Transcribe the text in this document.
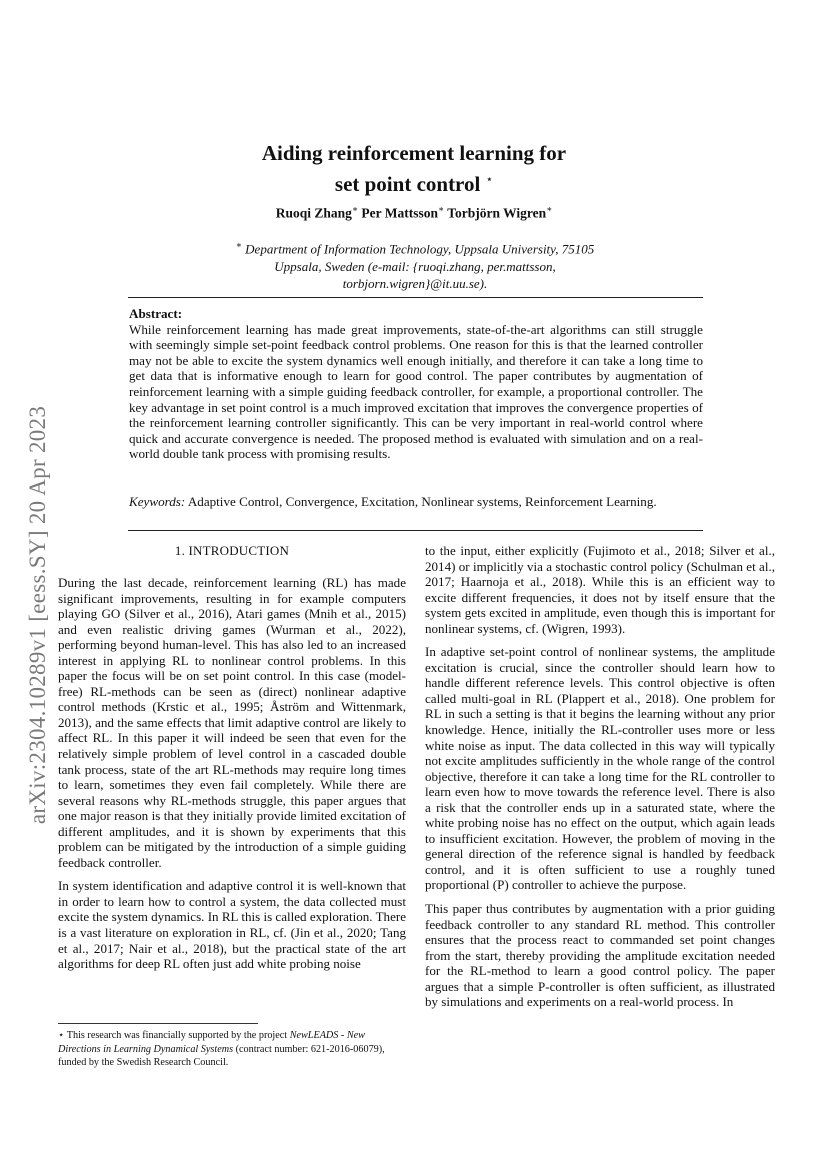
arXiv:2304.10289v1 [eess.SY] 20 Apr 2023
Aiding reinforcement learning for
set point control ⋆
Ruoqi Zhang∗ Per Mattsson∗ Torbjörn Wigren∗
∗ Department of Information Technology, Uppsala University, 75105
Uppsala, Sweden (e-mail: {ruoqi.zhang, per.mattsson,
torbjorn.wigren}@it.uu.se).
Abstract:
While reinforcement learning has made great improvements, state-of-the-art algorithms can still struggle with seemingly simple set-point feedback control problems. One reason for this is that the learned controller may not be able to excite the system dynamics well enough initially, and therefore it can take a long time to get data that is informative enough to learn for good control. The paper contributes by augmentation of reinforcement learning with a simple guiding feedback controller, for example, a proportional controller. The key advantage in set point control is a much improved excitation that improves the convergence properties of the reinforcement learning controller significantly. This can be very important in real-world control where quick and accurate convergence is needed. The proposed method is evaluated with simulation and on a real-world double tank process with promising results.
Keywords: Adaptive Control, Convergence, Excitation, Nonlinear systems, Reinforcement Learning.
1. INTRODUCTION

During the last decade, reinforcement learning (RL) has made significant improvements, resulting in for example computers playing GO (Silver et al., 2016), Atari games (Mnih et al., 2015) and even realistic driving games (Wurman et al., 2022), performing beyond human-level. This has also led to an increased interest in applying RL to nonlinear control problems. In this paper the focus will be on set point control. In this case (model-free) RL-methods can be seen as (direct) nonlinear adaptive control methods (Krstic et al., 1995; Åström and Wittenmark, 2013), and the same effects that limit adaptive control are likely to affect RL. In this paper it will indeed be seen that even for the relatively simple problem of level control in a cascaded double tank process, state of the art RL-methods may require long times to learn, sometimes they even fail completely. While there are several reasons why RL-methods struggle, this paper argues that one major reason is that they initially provide limited excitation of different amplitudes, and it is shown by experiments that this problem can be mitigated by the introduction of a simple guiding feedback controller.

In system identification and adaptive control it is well-known that in order to learn how to control a system, the data collected must excite the system dynamics. In RL this is called exploration. There is a vast literature on exploration in RL, cf. (Jin et al., 2020; Tang et al., 2017; Nair et al., 2018), but the practical state of the art algorithms for deep RL often just add white probing noise

to the input, either explicitly (Fujimoto et al., 2018; Silver et al., 2014) or implicitly via a stochastic control policy (Schulman et al., 2017; Haarnoja et al., 2018). While this is an efficient way to excite different frequencies, it does not by itself ensure that the system gets excited in amplitude, even though this is important for nonlinear systems, cf. (Wigren, 1993).

In adaptive set-point control of nonlinear systems, the amplitude excitation is crucial, since the controller should learn how to handle different reference levels. This control objective is often called multi-goal in RL (Plappert et al., 2018). One problem for RL in such a setting is that it begins the learning without any prior knowledge. Hence, initially the RL-controller uses more or less white noise as input. The data collected in this way will typically not excite amplitudes sufficiently in the whole range of the control objective, therefore it can take a long time for the RL controller to learn even how to move towards the reference level. There is also a risk that the controller ends up in a saturated state, where the white probing noise has no effect on the output, which again leads to insufficient excitation. However, the problem of moving in the general direction of the reference signal is handled by feedback control, and it is often sufficient to use a roughly tuned proportional (P) controller to achieve the purpose.

This paper thus contributes by augmentation with a prior guiding feedback controller to any standard RL method. This controller ensures that the process react to commanded set point changes from the start, thereby providing the amplitude excitation needed for the RL-method to learn a good control policy. The paper argues that a simple P-controller is often sufficient, as illustrated by simulations and experiments on a real-world process. In

⋆ This research was financially supported by the project NewLEADS - New Directions in Learning Dynamical Systems (contract number: 621-2016-06079), funded by the Swedish Research Council.
